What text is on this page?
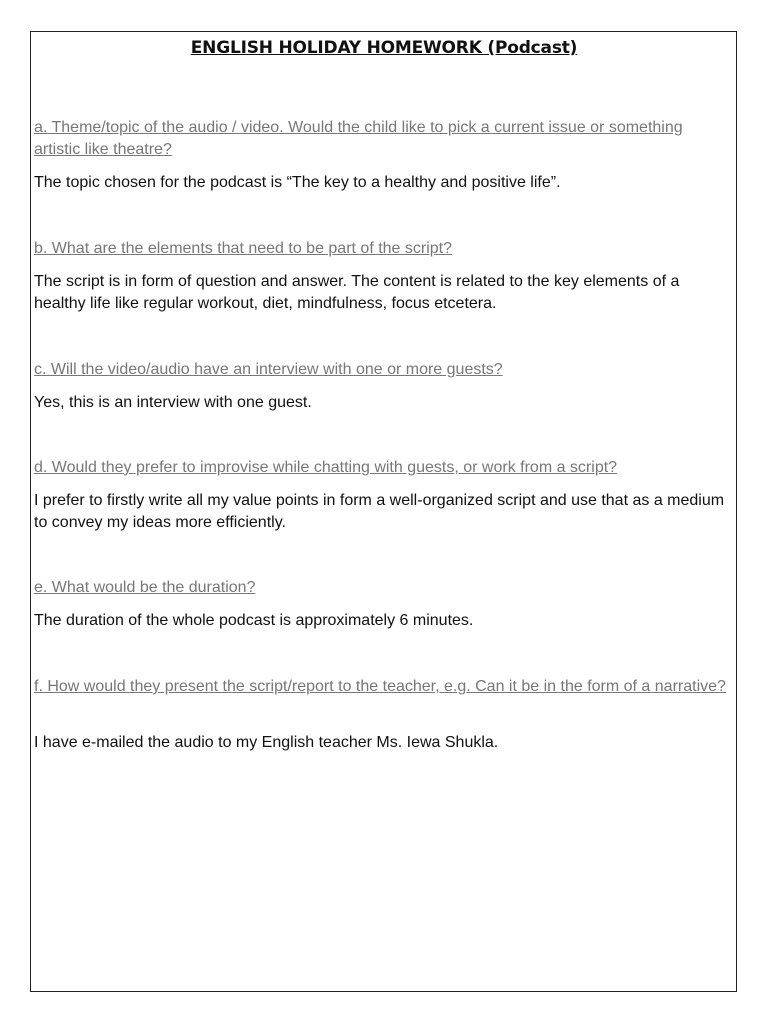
ENGLISH HOLIDAY HOMEWORK (Podcast)
a. Theme/topic of the audio / video. Would the child like to pick a current issue or something artistic like theatre?
The topic chosen for the podcast is “The key to a healthy and positive life”.
b. What are the elements that need to be part of the script?
The script is in form of question and answer. The content is related to the key elements of a healthy life like regular workout, diet, mindfulness, focus etcetera.
c. Will the video/audio have an interview with one or more guests?
Yes, this is an interview with one guest.
d. Would they prefer to improvise while chatting with guests, or work from a script?
I prefer to firstly write all my value points in form a well-organized script and use that as a medium to convey my ideas more efficiently.
e. What would be the duration?
The duration of the whole podcast is approximately 6 minutes.
f. How would they present the script/report to the teacher, e.g. Can it be in the form of a narrative?
I have e-mailed the audio to my English teacher Ms. Iewa Shukla.
